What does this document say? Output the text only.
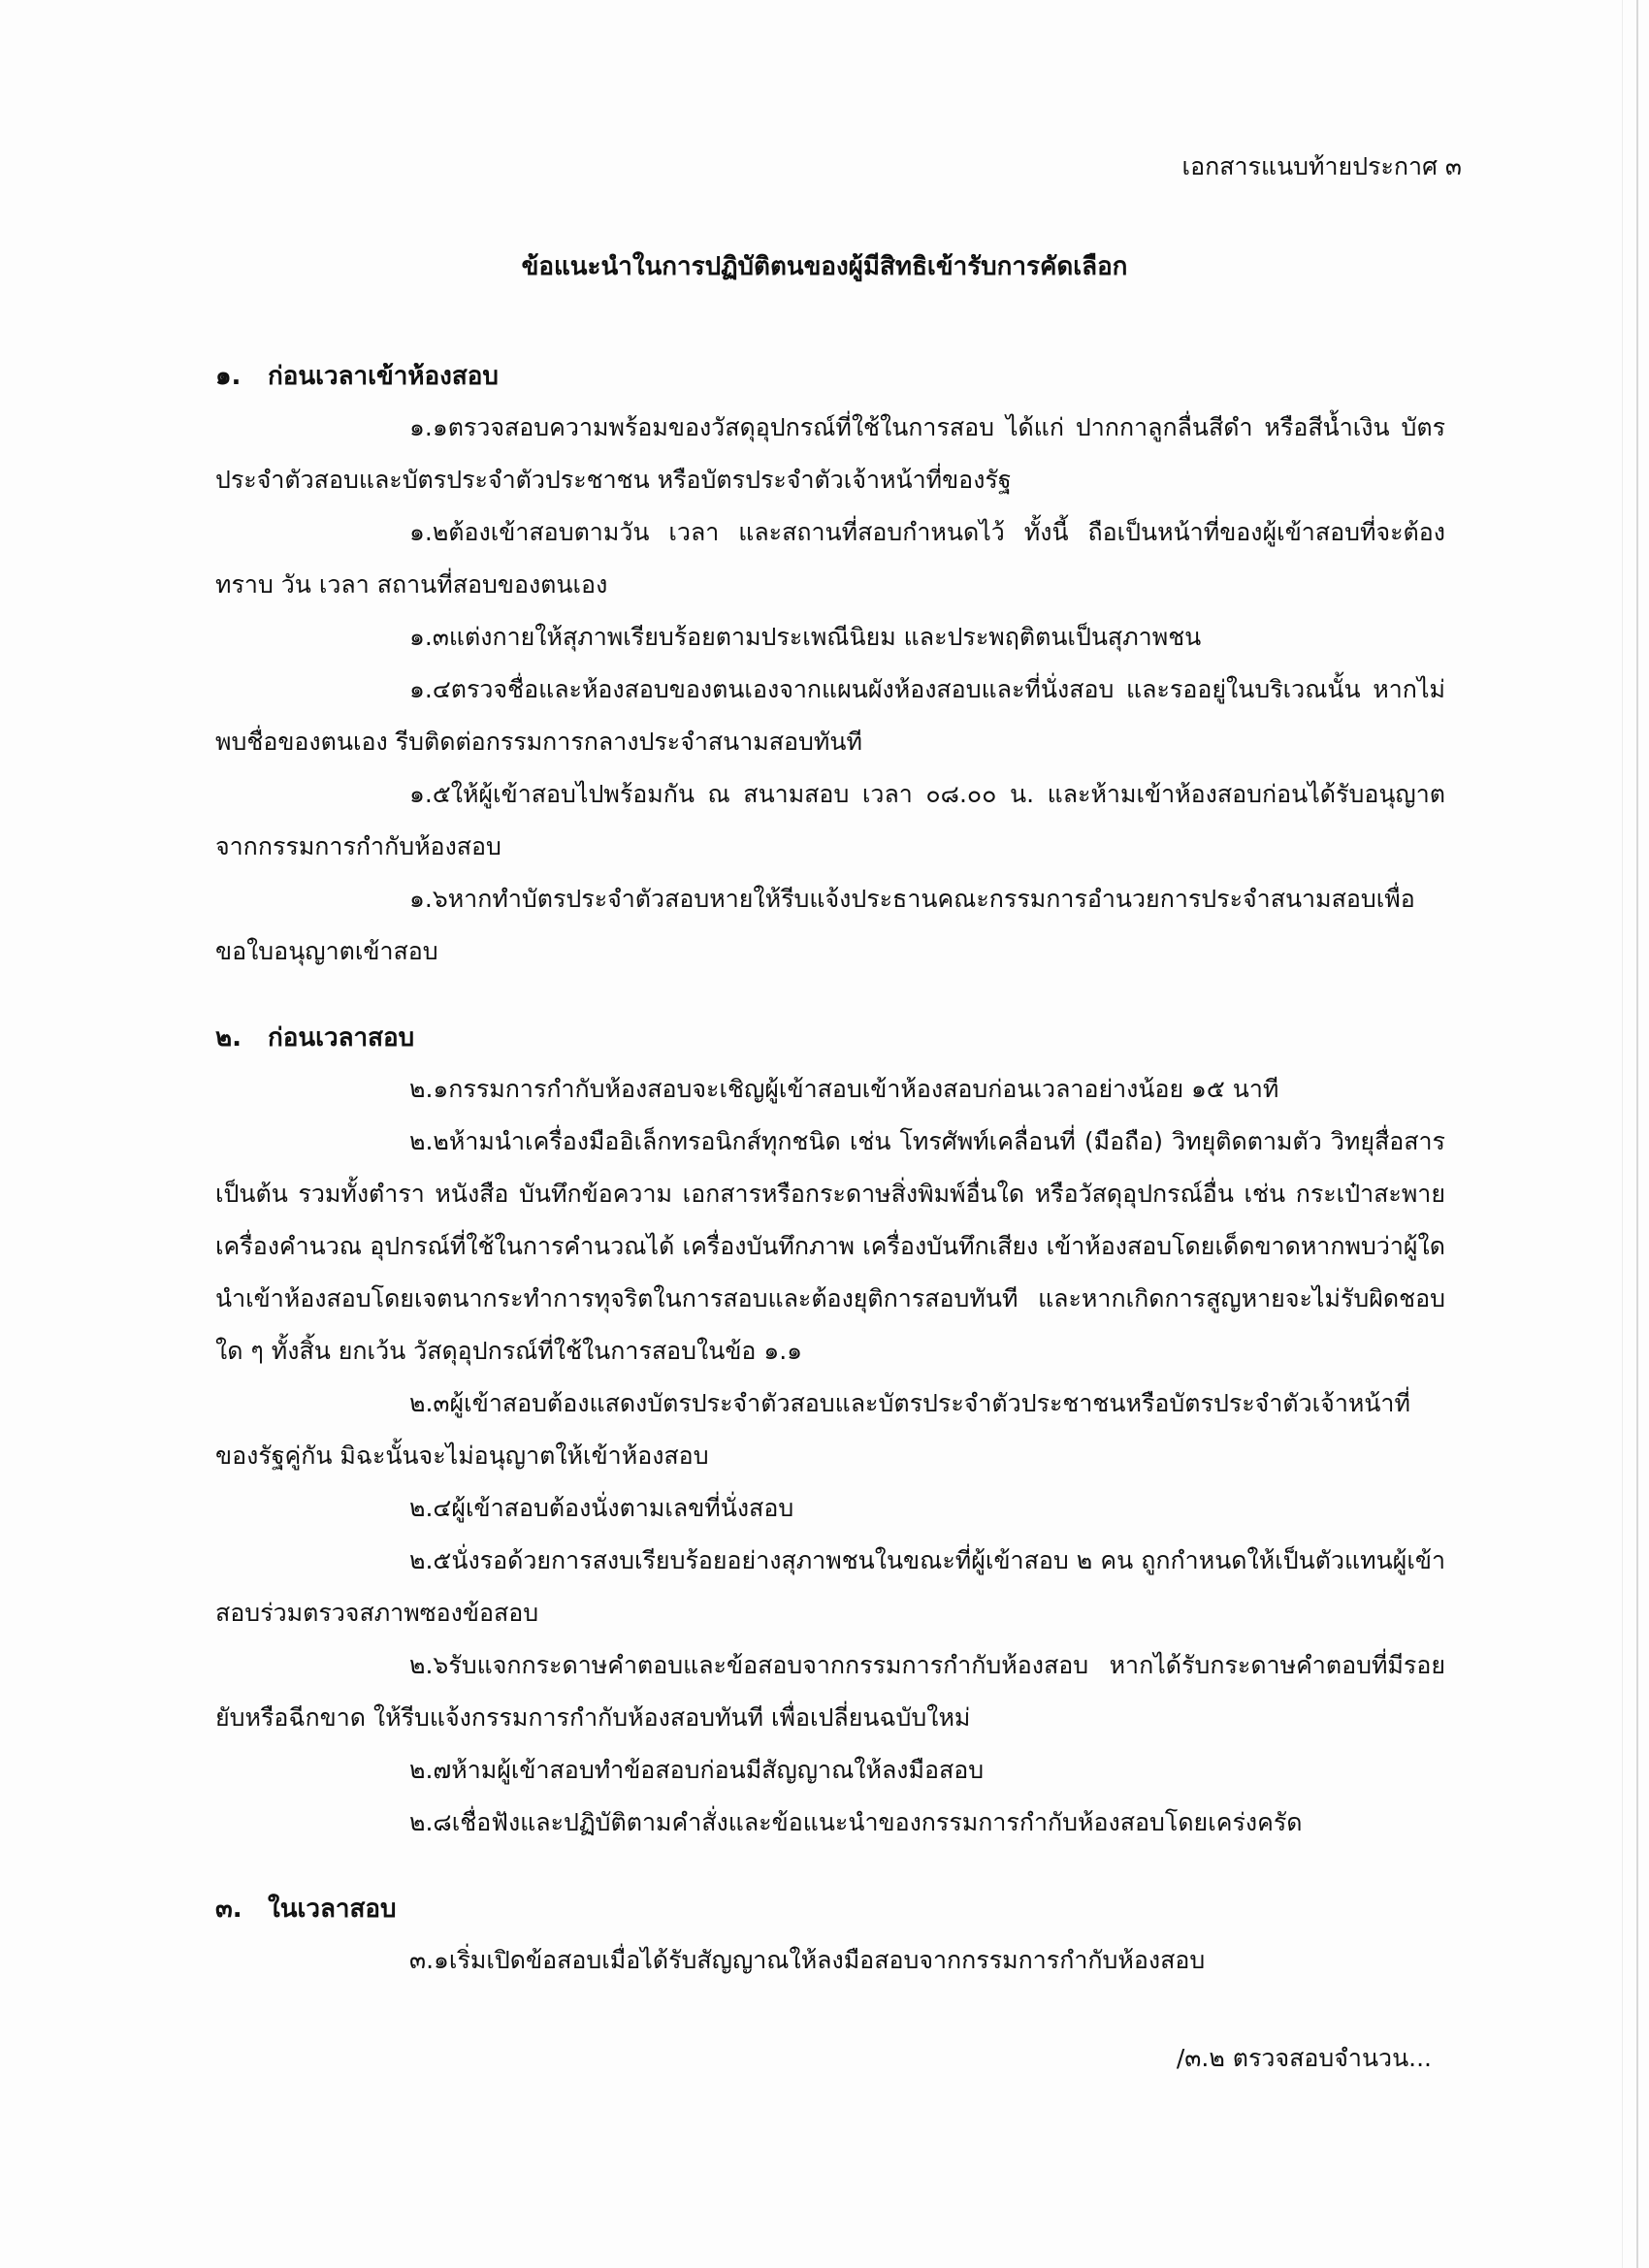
เอกสารแนบท้ายประกาศ ๓
ข้อแนะนำในการปฏิบัติตนของผู้มีสิทธิเข้ารับการคัดเลือก
๑. ก่อนเวลาเข้าห้องสอบ

๑.๑ตรวจสอบความพร้อมของวัสดุอุปกรณ์ที่ใช้ในการสอบ ได้แก่ ปากกาลูกลื่นสีดำ หรือสีน้ำเงิน บัตรประจำตัวสอบและบัตรประจำตัวประชาชน หรือบัตรประจำตัวเจ้าหน้าที่ของรัฐ

๑.๒ต้องเข้าสอบตามวัน เวลา และสถานที่สอบกำหนดไว้ ทั้งนี้ ถือเป็นหน้าที่ของผู้เข้าสอบที่จะต้องทราบ วัน เวลา สถานที่สอบของตนเอง

๑.๓แต่งกายให้สุภาพเรียบร้อยตามประเพณีนิยม และประพฤติตนเป็นสุภาพชน

๑.๔ตรวจชื่อและห้องสอบของตนเองจากแผนผังห้องสอบและที่นั่งสอบ และรออยู่ในบริเวณนั้น หากไม่พบชื่อของตนเอง รีบติดต่อกรรมการกลางประจำสนามสอบทันที

๑.๕ให้ผู้เข้าสอบไปพร้อมกัน ณ สนามสอบ เวลา ๐๘.๐๐ น. และห้ามเข้าห้องสอบก่อนได้รับอนุญาตจากกรรมการกำกับห้องสอบ

๑.๖หากทำบัตรประจำตัวสอบหายให้รีบแจ้งประธานคณะกรรมการอำนวยการประจำสนามสอบเพื่อขอใบอนุญาตเข้าสอบ

๒. ก่อนเวลาสอบ

๒.๑กรรมการกำกับห้องสอบจะเชิญผู้เข้าสอบเข้าห้องสอบก่อนเวลาอย่างน้อย ๑๕ นาที

๒.๒ห้ามนำเครื่องมืออิเล็กทรอนิกส์ทุกชนิด เช่น โทรศัพท์เคลื่อนที่ (มือถือ) วิทยุติดตามตัว วิทยุสื่อสาร เป็นต้น รวมทั้งตำรา หนังสือ บันทึกข้อความ เอกสารหรือกระดาษสิ่งพิมพ์อื่นใด หรือวัสดุอุปกรณ์อื่น เช่น กระเป๋าสะพาย เครื่องคำนวณ อุปกรณ์ที่ใช้ในการคำนวณได้ เครื่องบันทึกภาพ เครื่องบันทึกเสียง เข้าห้องสอบโดยเด็ดขาดหากพบว่าผู้ใดนำเข้าห้องสอบโดยเจตนากระทำการทุจริตในการสอบและต้องยุติการสอบทันที และหากเกิดการสูญหายจะไม่รับผิดชอบใด ๆ ทั้งสิ้น ยกเว้น วัสดุอุปกรณ์ที่ใช้ในการสอบในข้อ ๑.๑

๒.๓ผู้เข้าสอบต้องแสดงบัตรประจำตัวสอบและบัตรประจำตัวประชาชนหรือบัตรประจำตัวเจ้าหน้าที่ของรัฐคู่กัน มิฉะนั้นจะไม่อนุญาตให้เข้าห้องสอบ

๒.๔ผู้เข้าสอบต้องนั่งตามเลขที่นั่งสอบ

๒.๕นั่งรอด้วยการสงบเรียบร้อยอย่างสุภาพชนในขณะที่ผู้เข้าสอบ ๒ คน ถูกกำหนดให้เป็นตัวแทนผู้เข้าสอบร่วมตรวจสภาพซองข้อสอบ

๒.๖รับแจกกระดาษคำตอบและข้อสอบจากกรรมการกำกับห้องสอบ หากได้รับกระดาษคำตอบที่มีรอยยับหรือฉีกขาด ให้รีบแจ้งกรรมการกำกับห้องสอบทันที เพื่อเปลี่ยนฉบับใหม่

๒.๗ห้ามผู้เข้าสอบทำข้อสอบก่อนมีสัญญาณให้ลงมือสอบ

๒.๘เชื่อฟังและปฏิบัติตามคำสั่งและข้อแนะนำของกรรมการกำกับห้องสอบโดยเคร่งครัด

๓. ในเวลาสอบ

๓.๑เริ่มเปิดข้อสอบเมื่อได้รับสัญญาณให้ลงมือสอบจากกรรมการกำกับห้องสอบ

/๓.๒ ตรวจสอบจำนวน...
